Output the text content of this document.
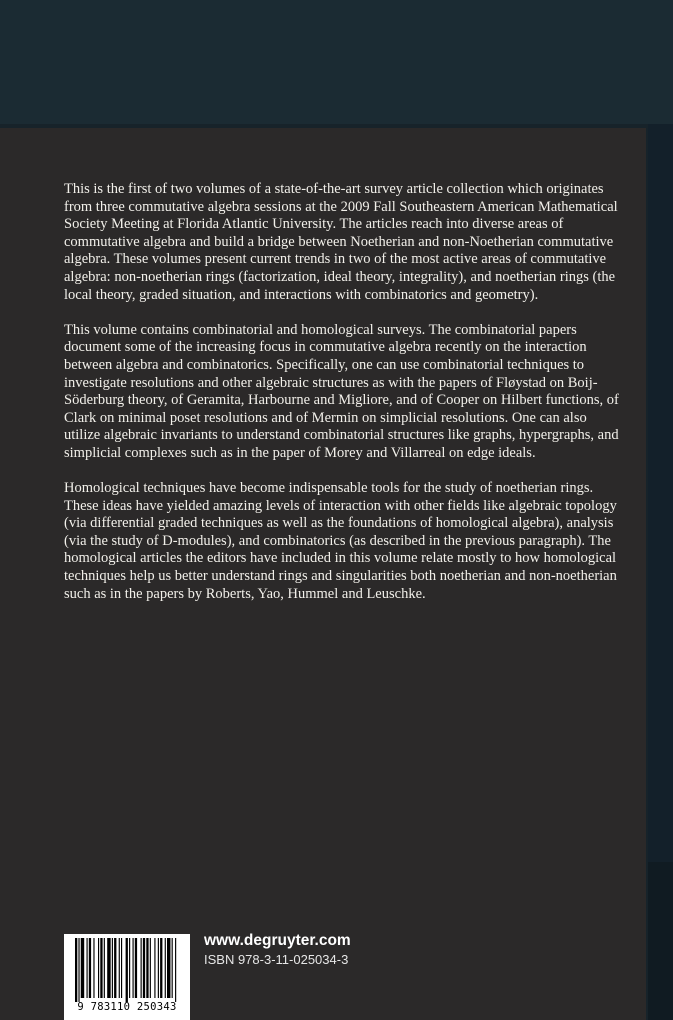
This is the first of two volumes of a state-of-the-art survey article collection which originates from three commutative algebra sessions at the 2009 Fall Southeastern American Mathematical Society Meeting at Florida Atlantic University. The articles reach into diverse areas of commutative algebra and build a bridge between Noetherian and non-Noetherian commutative algebra. These volumes present current trends in two of the most active areas of commutative algebra: non-noetherian rings (factorization, ideal theory, integrality), and noetherian rings (the local theory, graded situation, and interactions with combinatorics and geometry).

This volume contains combinatorial and homological surveys. The combinatorial papers document some of the increasing focus in commutative algebra recently on the interaction between algebra and combinatorics. Specifically, one can use combinatorial techniques to investigate resolutions and other algebraic structures as with the papers of Fløystad on Boij-Söderburg theory, of Geramita, Harbourne and Migliore, and of Cooper on Hilbert functions, of Clark on minimal poset resolutions and of Mermin on simplicial resolutions. One can also utilize algebraic invariants to understand combinatorial structures like graphs, hypergraphs, and simplicial complexes such as in the paper of Morey and Villarreal on edge ideals.

Homological techniques have become indispensable tools for the study of noetherian rings. These ideas have yielded amazing levels of interaction with other fields like algebraic topology (via differential graded techniques as well as the foundations of homological algebra), analysis (via the study of D-modules), and combinatorics (as described in the previous paragraph). The homological articles the editors have included in this volume relate mostly to how homological techniques help us better understand rings and singularities both noetherian and non-noetherian such as in the papers by Roberts, Yao, Hummel and Leuschke.

9 783110 250343
www.degruyter.com
ISBN 978-3-11-025034-3
